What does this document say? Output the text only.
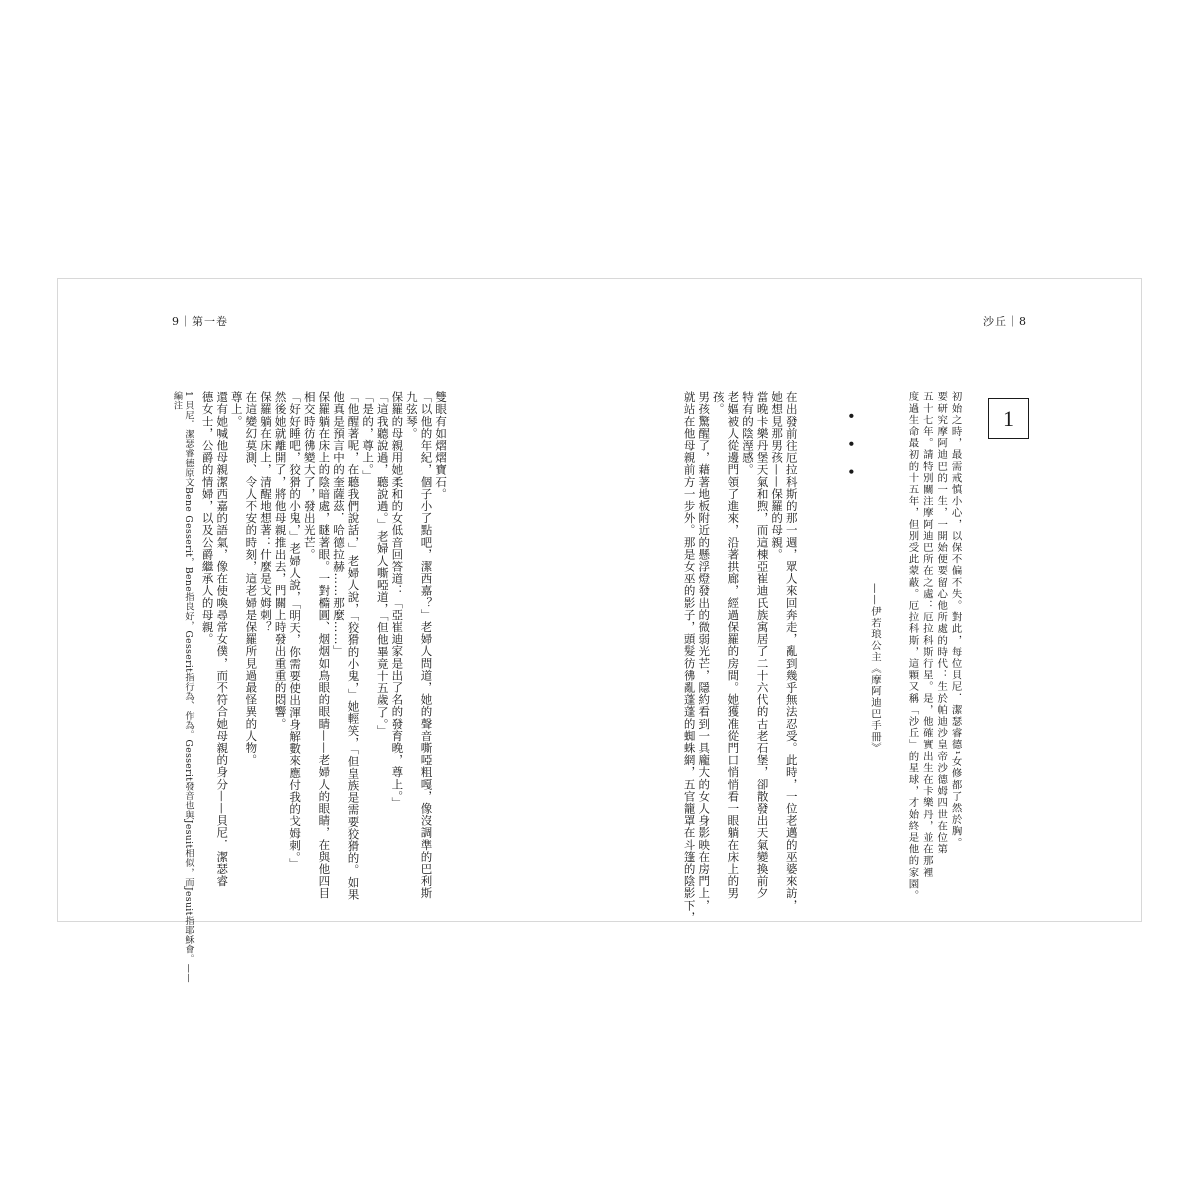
9｜第一卷	沙丘｜8
1
初始之時，最需戒慎小心，以保不偏不失。對此，每位貝尼．潔瑟睿德¹女修都了然於胸。
要研究摩阿迪巴的一生，一開始便要留心他所處的時代：生於帕迪沙皇帝沙德姆四世在位第
五十七年。請特別關注摩阿迪巴所在之處：厄拉科斯行星。是，他確實出生在卡樂丹，並在那裡
度過生命最初的十五年，但別受此蒙蔽。厄拉科斯，這顆又稱「沙丘」的星球，才始終是他的家園。
——伊若琅公主《摩阿迪巴手冊》
• • •
在出發前往厄拉科斯的那一週，眾人來回奔走，亂到幾乎無法忍受。此時，一位老邁的巫婆來訪，
她想見那男孩——保羅的母親。
當晚卡樂丹堡天氣和煦，而這棟亞崔迪氏族寓居了二十六代的古老石堡，卻散發出天氣變換前夕
特有的陰溼感。
老嫗被人從邊門領了進來，沿著拱廊，經過保羅的房間。她獲准從門口悄悄看一眼躺在床上的男
孩。
男孩驚醒了，藉著地板附近的懸浮燈發出的微弱光芒，隱約看到一具龐大的女人身影映在房門上，
就站在他母親前方一步外。那是女巫的影子，頭髮彷彿亂蓬蓬的蜘蛛網，五官籠罩在斗篷的陰影下，
雙眼有如熠熠寶石。
「以他的年紀，個子小了點吧，潔西嘉？」老婦人問道，她的聲音嘶啞粗嘎，像沒調準的巴利斯
九弦琴。
保羅的母親用她柔和的女低音回答道：「亞崔迪家是出了名的發育晚，尊上。」
「這我聽說過，聽說過。」老婦人嘶啞道，「但他畢竟十五歲了。」
「是的，尊上。」
「他醒著呢，在聽我們說話，」老婦人說，「狡猾的小鬼，」她輕笑，「但皇族是需要狡猾的。如果
他真是預言中的奎薩茲．哈德拉赫……那麼……」
保羅躺在床上的陰暗處，瞇著眼。一對橢圓、烟烟如鳥眼的眼睛——老婦人的眼睛，在與他四目
相交時彷彿變大了，發出光芒。
「好好睡吧，狡猾的小鬼，」老婦人說，「明天，你需要使出渾身解數來應付我的戈姆刺。」
然後她就離開了，將他母親推出去，門關上時發出重重的悶響。
保羅躺在床上，清醒地想著：什麼是戈姆刺？
在這變幻莫測、令人不安的時刻，這老婦是保羅所見過最怪異的人物。
尊上。
還有她喊他母親潔西嘉的語氣，像在使喚尋常女僕，而不符合她母親的身分——貝尼．潔瑟睿
德女士，公爵的情婦，以及公爵繼承人的母親。
1 貝尼．潔瑟睿德原文Bene Gesserit，Bene指良好，Gesserit指行為、作為。Gesserit發音也與Jesuit相似，而Jesuit指耶穌會。——
編注
